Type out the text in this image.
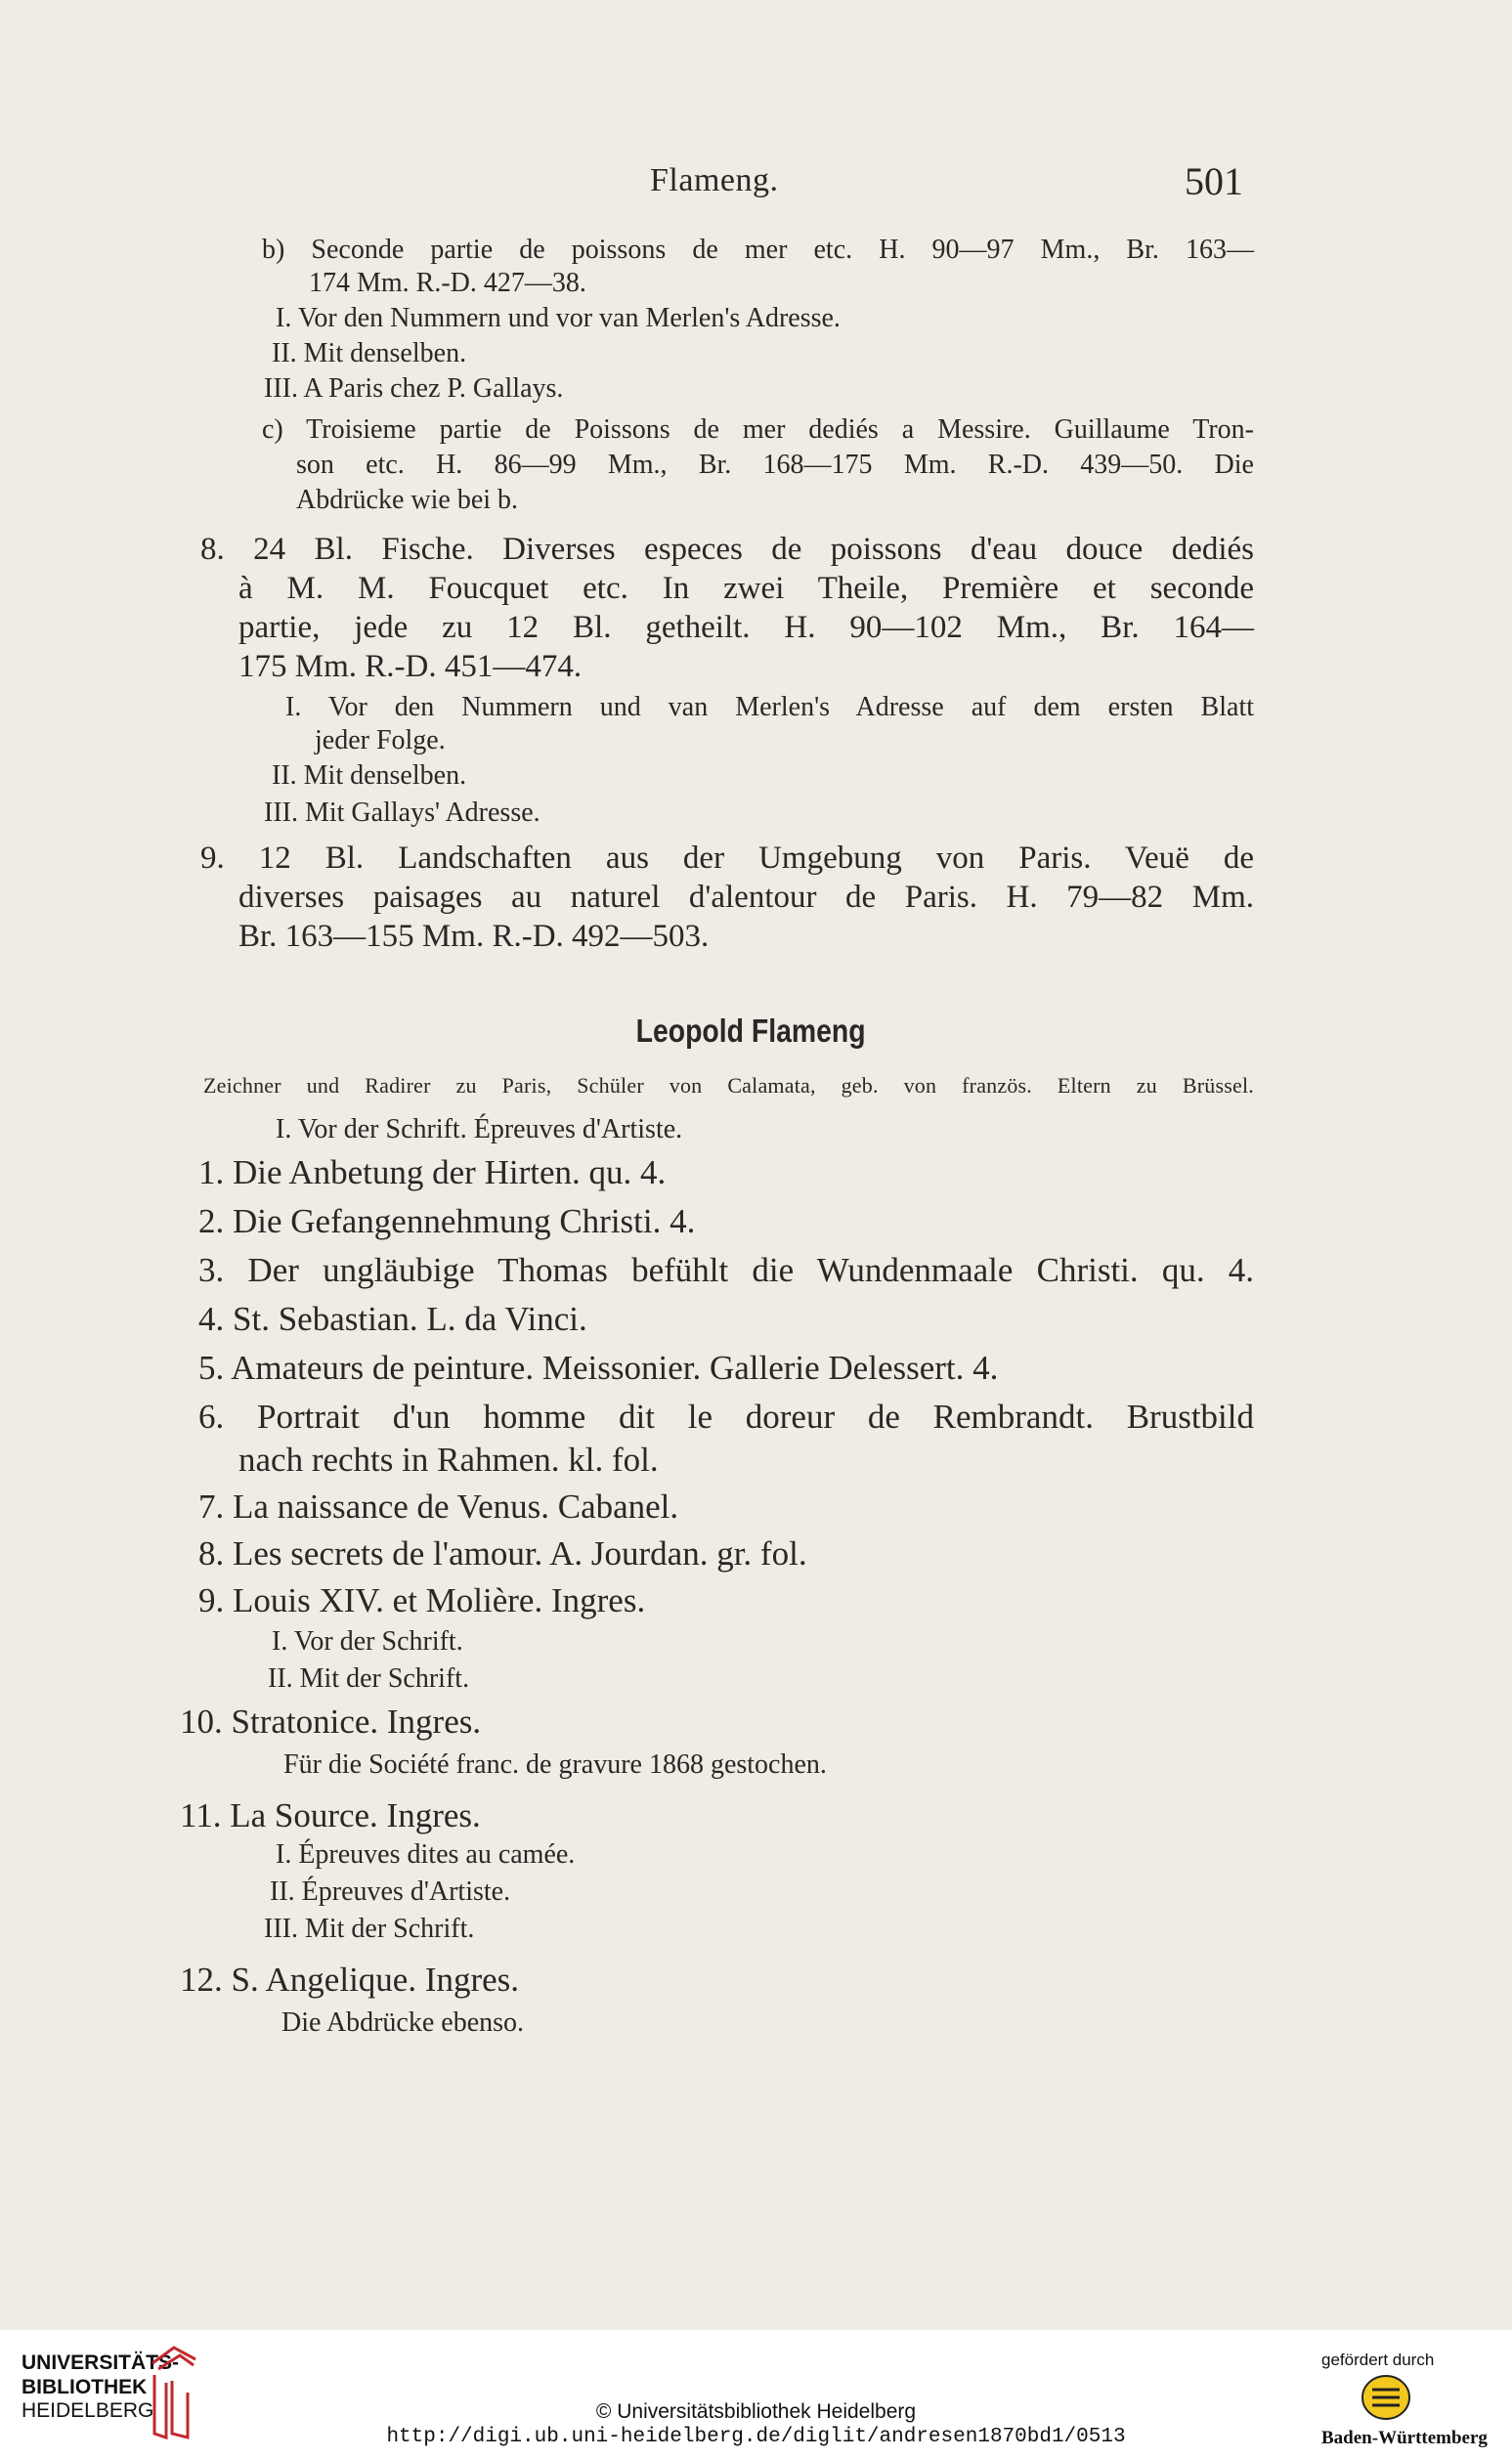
Flameng.	501
b) Seconde partie de poissons de mer etc. H. 90—97 Mm., Br. 163—
174 Mm. R.-D. 427—38.
I. Vor den Nummern und vor van Merlen's Adresse.
II. Mit denselben.
III. A Paris chez P. Gallays.
c) Troisieme partie de Poissons de mer dediés a Messire. Guillaume Tron-
son etc. H. 86—99 Mm., Br. 168—175 Mm. R.-D. 439—50. Die
Abdrücke wie bei b.
8. 24 Bl. Fische. Diverses especes de poissons d'eau douce dediés
à M. M. Foucquet etc. In zwei Theile, Première et seconde
partie, jede zu 12 Bl. getheilt. H. 90—102 Mm., Br. 164—
175 Mm. R.-D. 451—474.
I. Vor den Nummern und van Merlen's Adresse auf dem ersten Blatt
jeder Folge.
II. Mit denselben.
III. Mit Gallays' Adresse.
9. 12 Bl. Landschaften aus der Umgebung von Paris. Veuë de
diverses paisages au naturel d'alentour de Paris. H. 79—82 Mm.
Br. 163—155 Mm. R.-D. 492—503.
Leopold Flameng
Zeichner und Radirer zu Paris, Schüler von Calamata, geb. von französ. Eltern zu Brüssel.
I. Vor der Schrift. Épreuves d'Artiste.
1. Die Anbetung der Hirten. qu. 4.
2. Die Gefangennehmung Christi. 4.
3. Der ungläubige Thomas befühlt die Wundenmaale Christi. qu. 4.
4. St. Sebastian. L. da Vinci.
5. Amateurs de peinture. Meissonier. Gallerie Delessert. 4.
6. Portrait d'un homme dit le doreur de Rembrandt. Brustbild
nach rechts in Rahmen. kl. fol.
7. La naissance de Venus. Cabanel.
8. Les secrets de l'amour. A. Jourdan. gr. fol.
9. Louis XIV. et Molière. Ingres.
I. Vor der Schrift.
II. Mit der Schrift.
10. Stratonice. Ingres.
Für die Société franc. de gravure 1868 gestochen.
11. La Source. Ingres.
I. Épreuves dites au camée.
II. Épreuves d'Artiste.
III. Mit der Schrift.
12. S. Angelique. Ingres.
Die Abdrücke ebenso.
UNIVERSITÄTS-
BIBLIOTHEK
HEIDELBERG	© Universitätsbibliothek Heidelberg
http://digi.ub.uni-heidelberg.de/diglit/andresen1870bd1/0513
gefördert durch
Baden-Württemberg
